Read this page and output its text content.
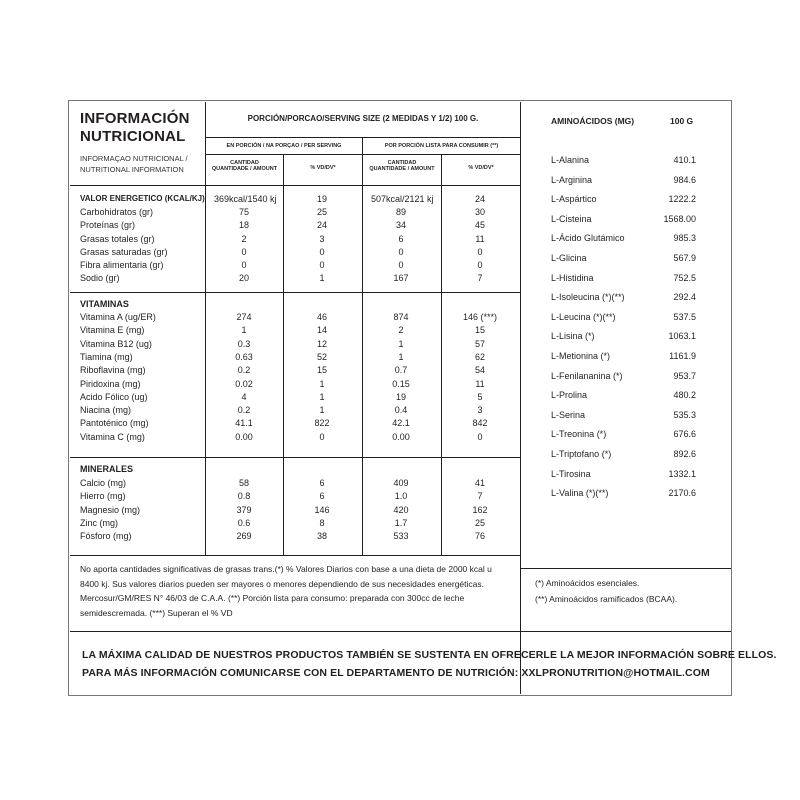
INFORMACIÓN
NUTRICIONAL
INFORMAÇAO NUTRICIONAL /
NUTRITIONAL INFORMATION
PORCIÓN/PORCAO/SERVING SIZE (2 MEDIDAS Y 1/2) 100 G.
EN PORCIÓN / NA PORÇAO / PER SERVING	POR PORCIÓN LISTA PARA CONSUMIR (**)
CANTIDAD
QUANTIDADE / AMOUNT	% VD/DV*
CANTIDAD
QUANTIDADE / AMOUNT	% VD/DV*
VITAMINAS
MINERALES
VALOR ENERGETICO (KCAL/KJ) 369kcal/1540 kj	19	507kcal/2121 kj	24
Carbohidratos (gr)	75	25	89	30
Proteínas (gr)	18	24	34	45
Grasas totales (gr)	2	3	6	11
Grasas saturadas (gr)	0	0	0	0
Fibra alimentaria (gr)	0	0	0	0
Sodio (gr)	20	1	167	7
Vitamina A (ug/ER)	274	46	874	146 (***)
Vitamina E (mg)	1	14	2	15
Vitamina B12 (ug)	0.3	12	1	57
Tiamina (mg)	0.63	52	1	62
Riboflavina (mg)	0.2	15	0.7	54
Piridoxina (mg)	0.02	1	0.15	11
Acido Fólico (ug)	4	1	19	5
Niacina (mg)	0.2	1	0.4	3
Pantoténico (mg)	41.1	822	42.1	842
Vitamina C (mg)	0.00	0	0.00	0
Calcio (mg)	58	6	409	41
Hierro (mg)	0.8	6	1.0	7
Magnesio (mg)	379	146	420	162
Zinc (mg)	0.6	8	1.7	25
Fósforo (mg)	269	38	533	76
No aporta cantidades significativas de grasas trans.(*) % Valores Diarios con base a una dieta de 2000 kcal u 8400 kj. Sus valores diarios pueden ser mayores o menores dependiendo de sus necesidades energéticas. Mercosur/GM/RES N° 46/03 de C.A.A. (**) Porción lista para consumo: preparada con 300cc de leche semidescremada. (***) Superan el % VD
AMINOÁCIDOS (MG)	100 G
L-Alanina	410.1
L-Arginina	984.6
L-Aspártico	1222.2
L-Cisteina	1568.00
L-Ácido Glutámico	985.3
L-Glicina	567.9
L-Histidina	752.5
L-Isoleucina (*)(**)	292.4
L-Leucina (*)(**)	537.5
L-Lisina (*)	1063.1
L-Metionina (*)	1161.9
L-Fenilananina (*)	953.7
L-Prolina	480.2
L-Serina	535.3
L-Treonina (*)	676.6
L-Triptofano (*)	892.6
L-Tirosina	1332.1
L-Valina (*)(**)	2170.6
(*) Aminoácidos esenciales.
(**) Aminoácidos ramificados (BCAA).
LA MÁXIMA CALIDAD DE NUESTROS PRODUCTOS TAMBIÉN SE SUSTENTA EN OFRECERLE LA MEJOR INFORMACIÓN SOBRE ELLOS.
PARA MÁS INFORMACIÓN COMUNICARSE CON EL DEPARTAMENTO DE NUTRICIÓN: XXLPRONUTRITION@HOTMAIL.COM
